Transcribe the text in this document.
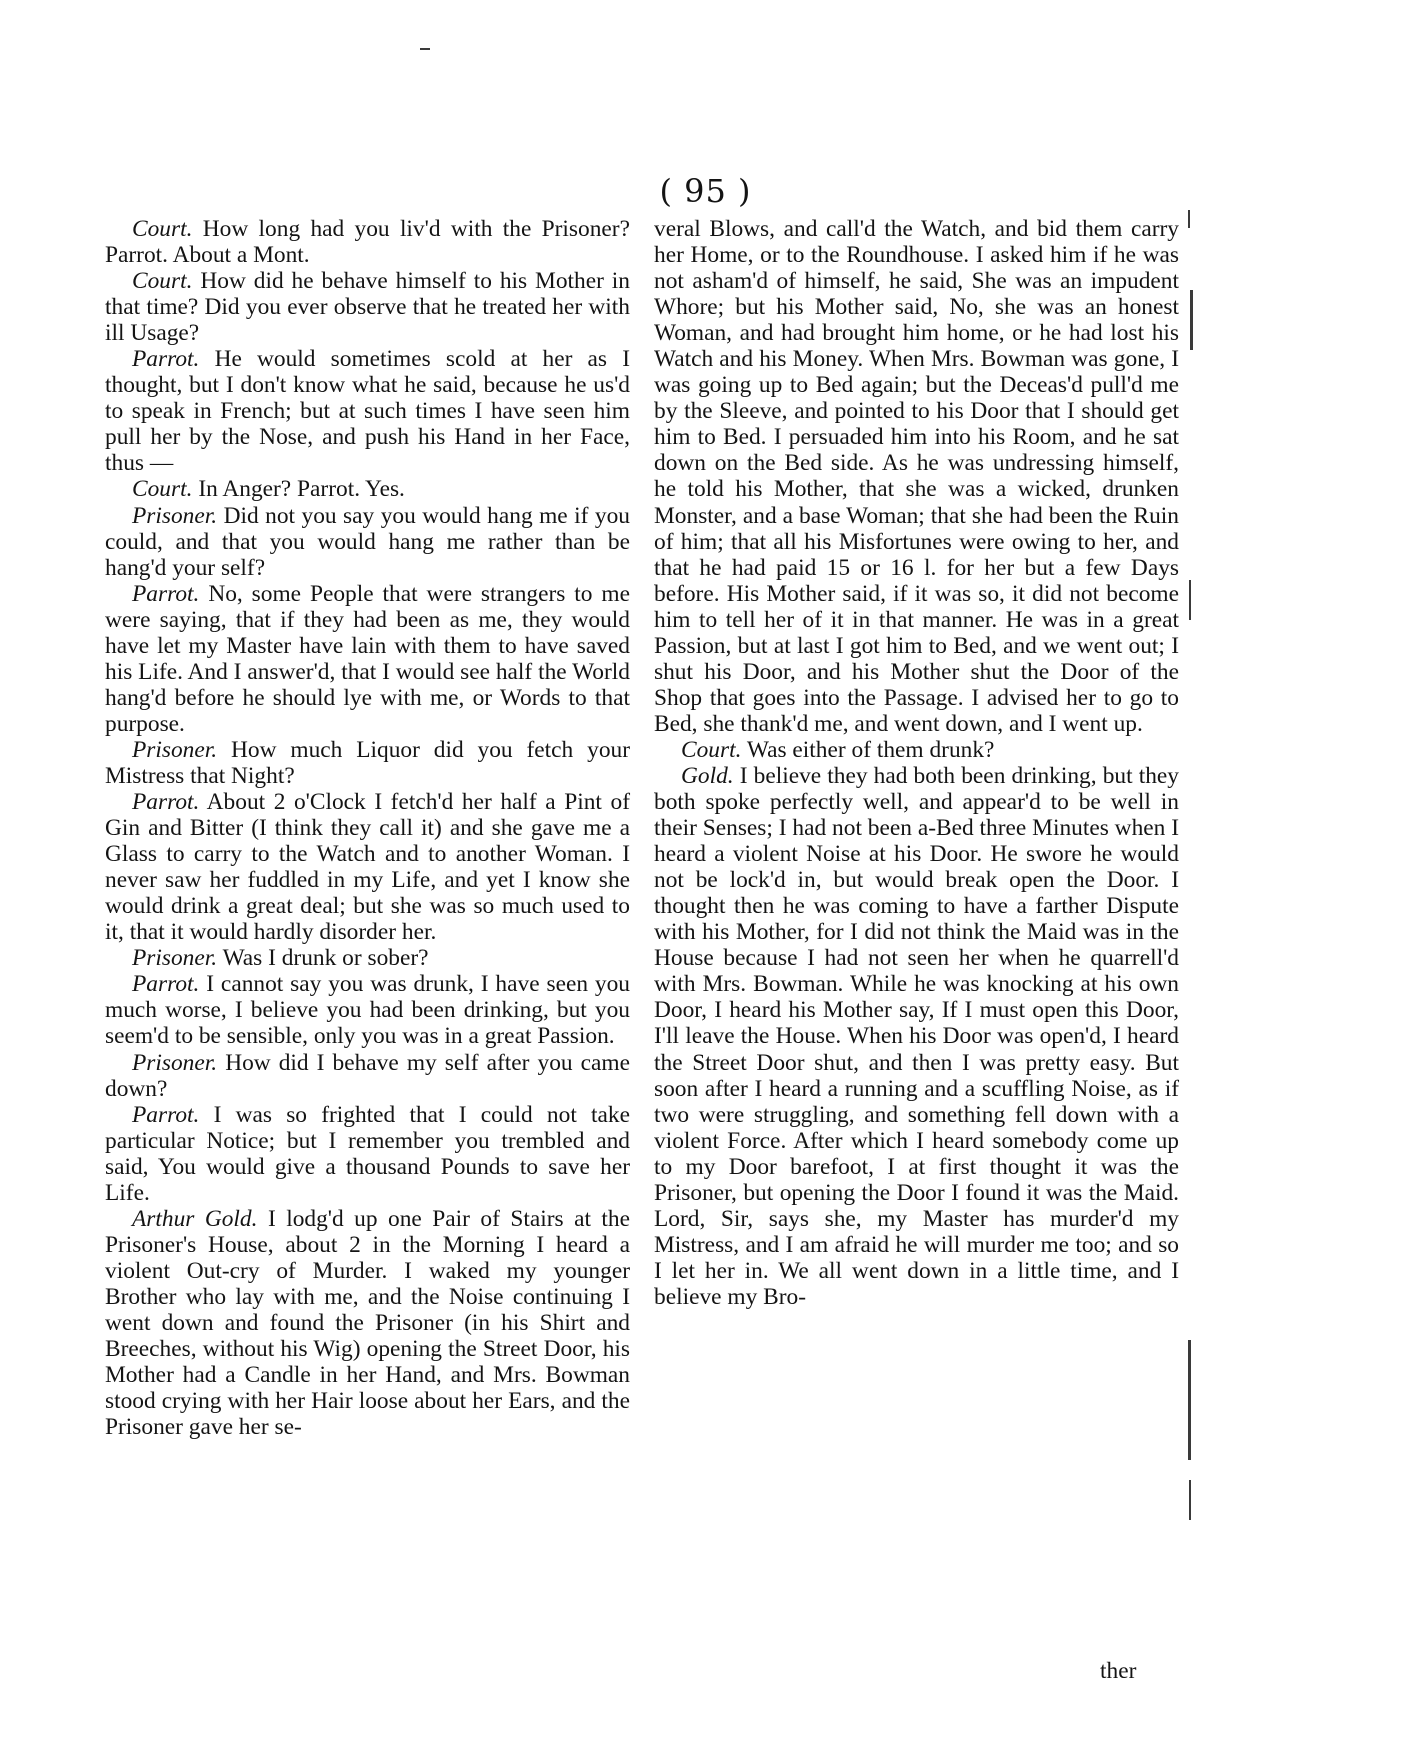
( 95 )

Court. How long had you liv'd with the Prisoner? Parrot. About a Mont.

Court. How did he behave himself to his Mother in that time? Did you ever observe that he treated her with ill Usage?

Parrot. He would sometimes scold at her as I thought, but I don't know what he said, because he us'd to speak in French; but at such times I have seen him pull her by the Nose, and push his Hand in her Face, thus —

Court. In Anger? Parrot. Yes.

Prisoner. Did not you say you would hang me if you could, and that you would hang me rather than be hang'd your self?

Parrot. No, some People that were strangers to me were saying, that if they had been as me, they would have let my Master have lain with them to have saved his Life. And I answer'd, that I would see half the World hang'd before he should lye with me, or Words to that purpose.

Prisoner. How much Liquor did you fetch your Mistress that Night?

Parrot. About 2 o'Clock I fetch'd her half a Pint of Gin and Bitter (I think they call it) and she gave me a Glass to carry to the Watch and to another Woman. I never saw her fuddled in my Life, and yet I know she would drink a great deal; but she was so much used to it, that it would hardly disorder her.

Prisoner. Was I drunk or sober?

Parrot. I cannot say you was drunk, I have seen you much worse, I believe you had been drinking, but you seem'd to be sensible, only you was in a great Passion.

Prisoner. How did I behave my self after you came down?

Parrot. I was so frighted that I could not take particular Notice; but I remember you trembled and said, You would give a thousand Pounds to save her Life.

Arthur Gold. I lodg'd up one Pair of Stairs at the Prisoner's House, about 2 in the Morning I heard a violent Out-cry of Murder. I waked my younger Brother who lay with me, and the Noise continuing I went down and found the Prisoner (in his Shirt and Breeches, without his Wig) opening the Street Door, his Mother had a Candle in her Hand, and Mrs. Bowman stood crying with her Hair loose about her Ears, and the Prisoner gave her se-

veral Blows, and call'd the Watch, and bid them carry her Home, or to the Roundhouse. I asked him if he was not asham'd of himself, he said, She was an impudent Whore; but his Mother said, No, she was an honest Woman, and had brought him home, or he had lost his Watch and his Money. When Mrs. Bowman was gone, I was going up to Bed again; but the Deceas'd pull'd me by the Sleeve, and pointed to his Door that I should get him to Bed. I persuaded him into his Room, and he sat down on the Bed side. As he was undressing himself, he told his Mother, that she was a wicked, drunken Monster, and a base Woman; that she had been the Ruin of him; that all his Misfortunes were owing to her, and that he had paid 15 or 16 l. for her but a few Days before. His Mother said, if it was so, it did not become him to tell her of it in that manner. He was in a great Passion, but at last I got him to Bed, and we went out; I shut his Door, and his Mother shut the Door of the Shop that goes into the Passage. I advised her to go to Bed, she thank'd me, and went down, and I went up.

Court. Was either of them drunk?

Gold. I believe they had both been drinking, but they both spoke perfectly well, and appear'd to be well in their Senses; I had not been a-Bed three Minutes when I heard a violent Noise at his Door. He swore he would not be lock'd in, but would break open the Door. I thought then he was coming to have a farther Dispute with his Mother, for I did not think the Maid was in the House because I had not seen her when he quarrell'd with Mrs. Bowman. While he was knocking at his own Door, I heard his Mother say, If I must open this Door, I'll leave the House. When his Door was open'd, I heard the Street Door shut, and then I was pretty easy. But soon after I heard a running and a scuffling Noise, as if two were struggling, and something fell down with a violent Force. After which I heard somebody come up to my Door barefoot, I at first thought it was the Prisoner, but opening the Door I found it was the Maid. Lord, Sir, says she, my Master has murder'd my Mistress, and I am afraid he will murder me too; and so I let her in. We all went down in a little time, and I believe my Bro-

ther
